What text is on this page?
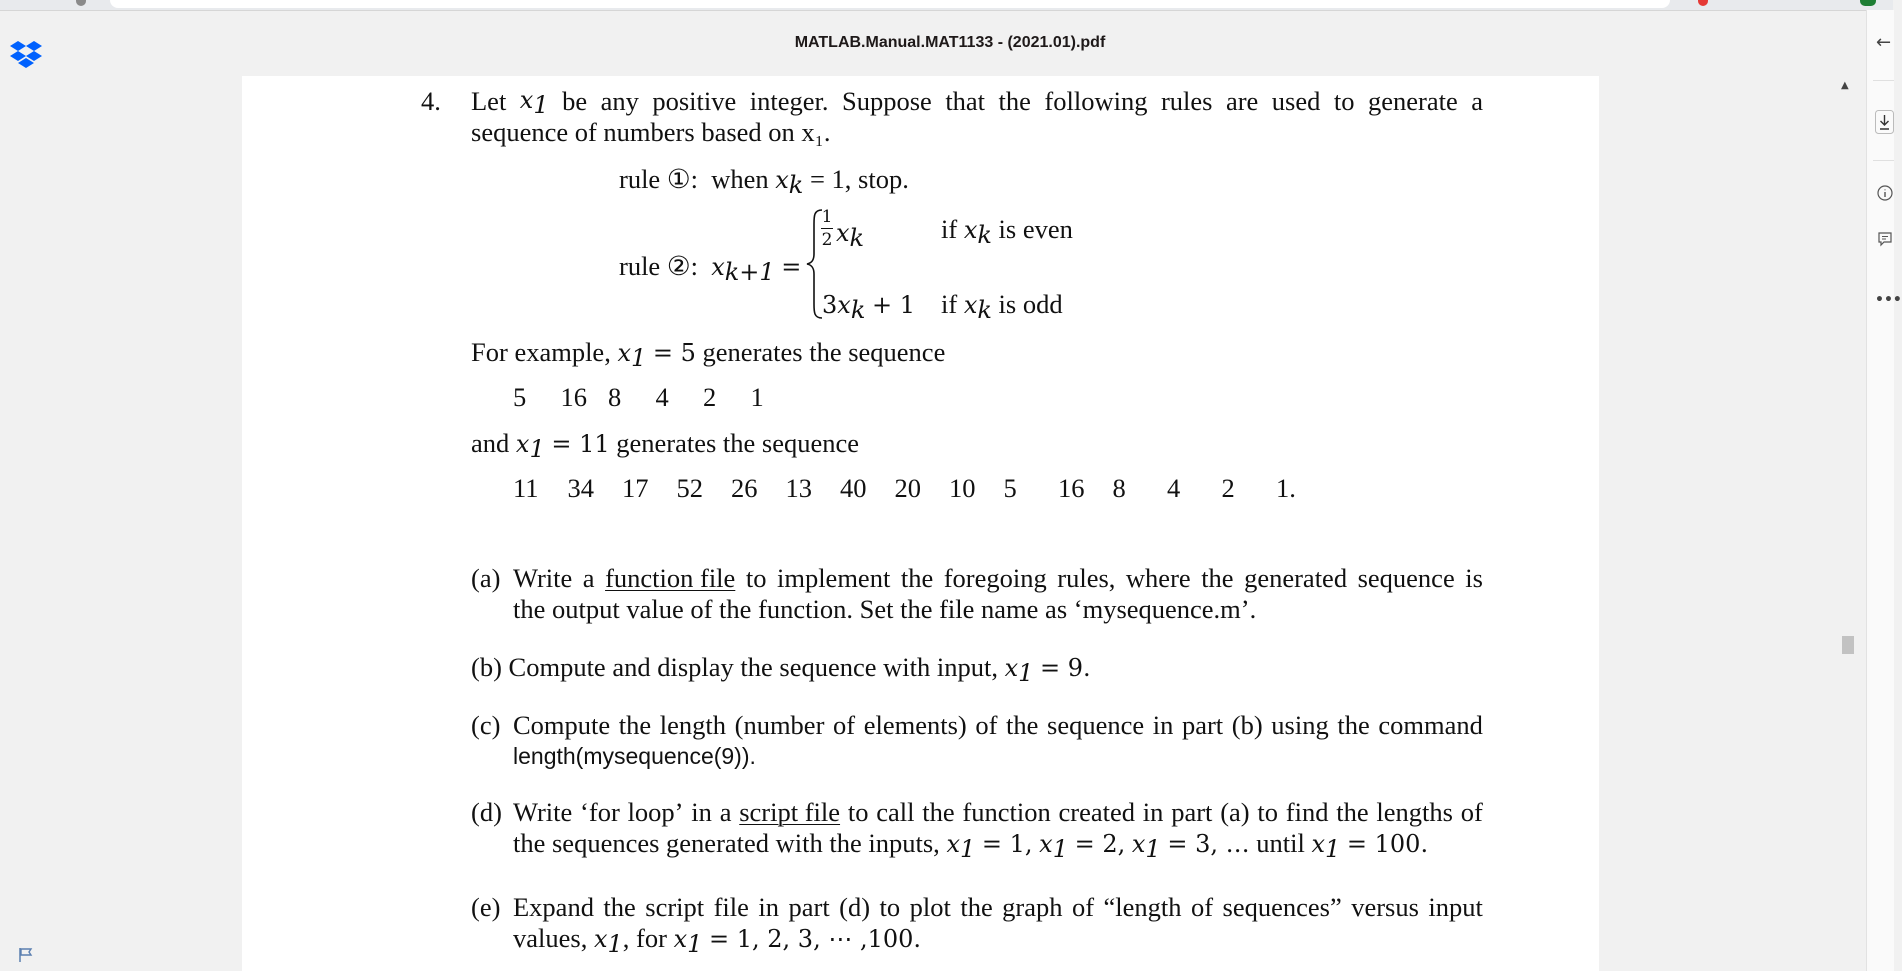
MATLAB.Manual.MAT1133 - (2021.01).pdf
4. Let $x_1$ be any positive integer. Suppose that the following rules are used to generate a
sequence of numbers based on x₁.
rule ①: when $x_k = 1$, stop.
rule ②: $x_{k+1}$ =
1
2 $x_k$	if $x_k$ is even
$3x_k + 1$ if $x_k$ is odd
For example, $x_1 = 5$ generates the sequence
5 16 8 4 2 1
and $x_1 = 11$ generates the sequence
11 34 17 52 26 13 40 20 10 5 16 8 4 2 1.
(a) Write a function file to implement the foregoing rules, where the generated sequence is
the output value of the function. Set the file name as ‘mysequence.m’.
(b) Compute and display the sequence with input, $x_1 = 9$.
(c) Compute the length (number of elements) of the sequence in part (b) using the command
length(mysequence(9)).
(d) Write ‘for loop’ in a script file to call the function created in part (a) to find the lengths of
the sequences generated with the inputs, $x_1 = 1$, $x_1 = 2$, $x_1 = 3$, … until $x_1 = 100$.
(e) Expand the script file in part (d) to plot the graph of “length of sequences” versus input
values, $x_1$, for $x_1 = 1$, 2, 3, ⋯ ,100.
▲
←
•••
